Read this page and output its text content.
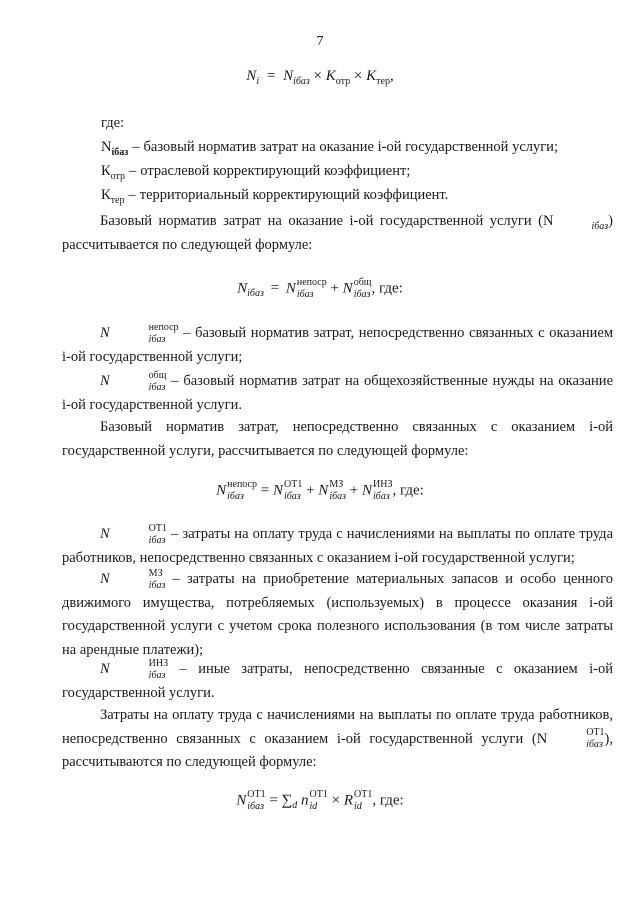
7
Ni = Niбаз × Kотр × Kтер,
где:
Niбаз – базовый норматив затрат на оказание i-ой государственной услуги;
Котр – отраслевой корректирующий коэффициент;
Ктер – территориальный корректирующий коэффициент.

Базовый норматив затрат на оказание i-ой государственной услуги (N	iбаз) рассчитывается по следующей формуле:

Niбаз = N непоср
iбаз	+ N общ
iбаз , где:

N	непоср
iбаз	– базовый норматив затрат, непосредственно связанных с оказанием i-ой государственной услуги;

N	общ
iбаз – базовый норматив затрат на общехозяйственные нужды на оказание i-ой государственной услуги.

Базовый норматив затрат, непосредственно связанных с оказанием i-ой государственной услуги, рассчитывается по следующей формуле:

N непоср
iбаз	= N ОТ1
iбаз + N МЗ
iбаз + N ИНЗ
iбаз , где:

N	ОТ1
iбаз – затраты на оплату труда с начислениями на выплаты по оплате труда работников, непосредственно связанных с оказанием i-ой государственной услуги;

N	МЗ
iбаз – затраты на приобретение материальных запасов и особо ценного движимого имущества, потребляемых (используемых) в процессе оказания i-ой государственной услуги с учетом срока полезного использования (в том числе затраты на арендные платежи);

N	ИНЗ
iбаз – иные затраты, непосредственно связанные с оказанием i-ой государственной услуги.

Затраты на оплату труда с начислениями на выплаты по оплате труда работников, непосредственно связанных с оказанием i-ой государственной услуги (N	ОТ1
iбаз ), рассчитываются по следующей формуле:

N ОТ1
iбаз = ∑d n ОТ1
id × R ОТ1
id , где:
